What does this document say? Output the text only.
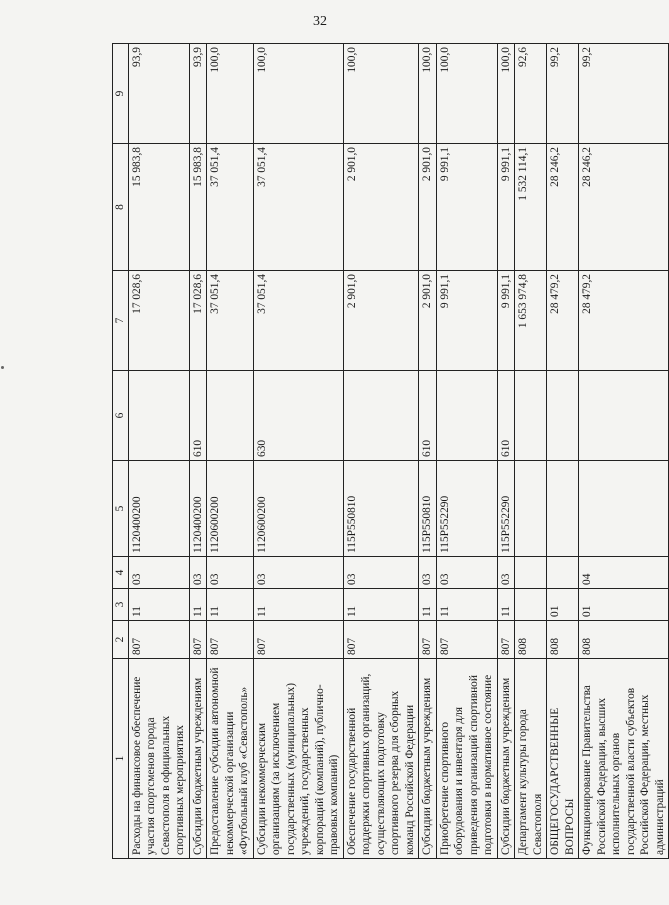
32
1	2	3	4	5	6	7	8	9
Расходы на финансовое обеспечение участия спортсменов города Севастополя в официальных спортивных мероприятиях	807	11	03	1120400200		17 028,6	15 983,8	93,9
Субсидии бюджетным учреждениям	807	11	03	1120400200	610	17 028,6	15 983,8	93,9
Предоставление субсидии автономной некоммерческой организации «Футбольный клуб «Севастополь»	807	11	03	1120600200		37 051,4	37 051,4	100,0
Субсидии некоммерческим организациям (за исключением государственных (муниципальных) учреждений, государственных корпораций (компаний), публично-правовых компаний)	807	11	03	1120600200	630	37 051,4	37 051,4	100,0
Обеспечение государственной поддержки спортивных организаций, осуществляющих подготовку спортивного резерва для сборных команд Российской Федерации	807	11	03	115P550810		2 901,0	2 901,0	100,0
Субсидии бюджетным учреждениям	807	11	03	115P550810	610	2 901,0	2 901,0	100,0
Приобретение спортивного оборудования и инвентаря для приведения организаций спортивной подготовки в нормативное состояние	807	11	03	115P552290		9 991,1	9 991,1	100,0
Субсидии бюджетным учреждениям	807	11	03	115P552290	610	9 991,1	9 991,1	100,0
Департамент культуры города Севастополя	808					1 653 974,8	1 532 114,1	92,6
ОБЩЕГОСУДАРСТВЕННЫЕ ВОПРОСЫ	808	01				28 479,2	28 246,2	99,2
Функционирование Правительства Российской Федерации, высших исполнительных органов государственной власти субъектов Российской Федерации, местных администраций	808	01	04			28 479,2	28 246,2	99,2
